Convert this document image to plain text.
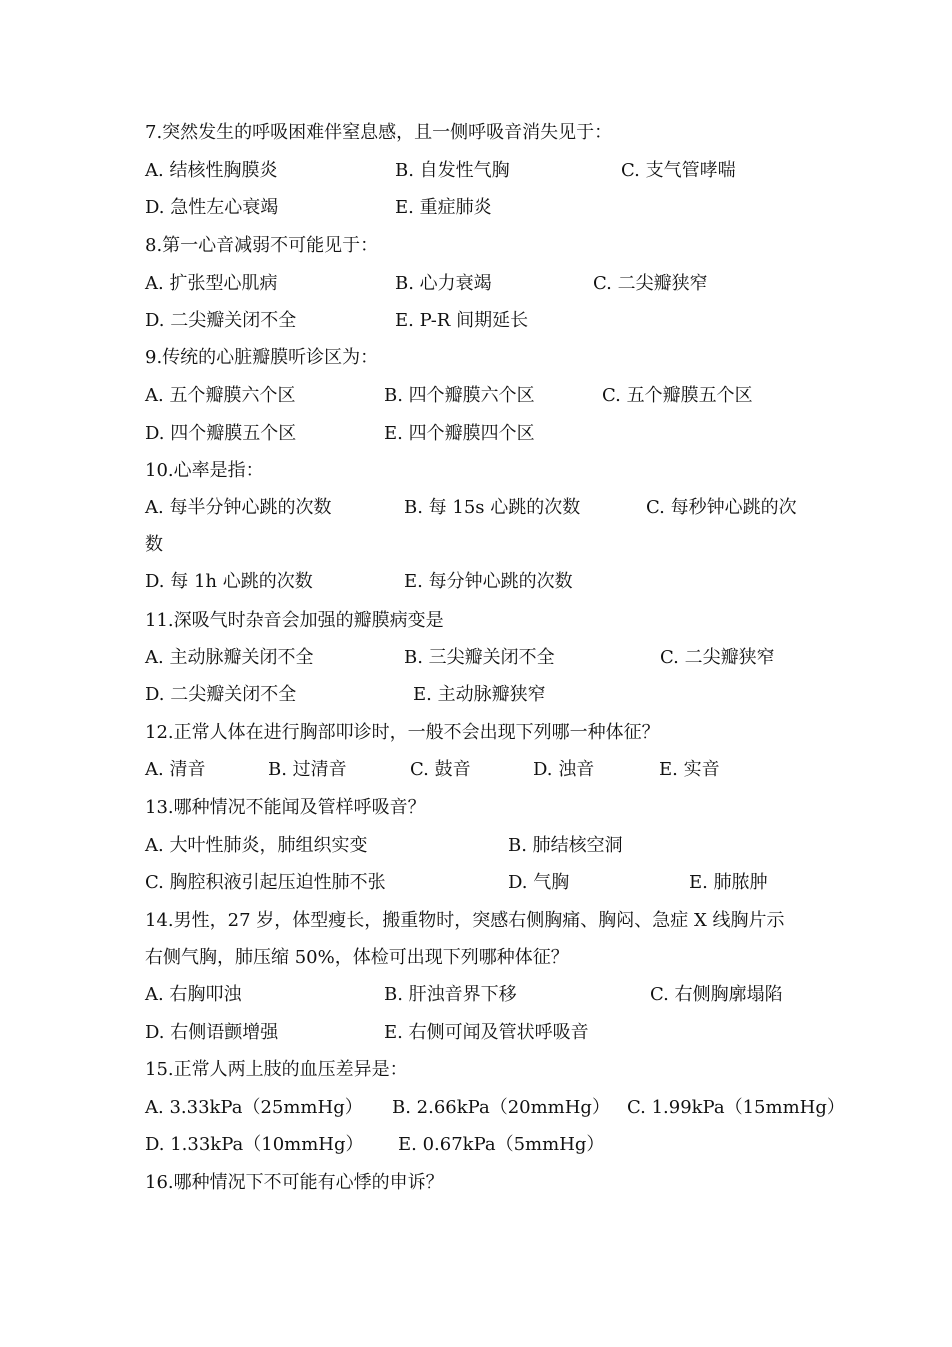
7.突然发生的呼吸困难伴窒息感，且一侧呼吸音消失见于：
A. 结核性胸膜炎	B. 自发性气胸	C. 支气管哮喘
D. 急性左心衰竭	E. 重症肺炎
8.第一心音减弱不可能见于：
A. 扩张型心肌病	B. 心力衰竭	C. 二尖瓣狭窄
D. 二尖瓣关闭不全	E. P-R 间期延长
9.传统的心脏瓣膜听诊区为：
A. 五个瓣膜六个区	B. 四个瓣膜六个区	C. 五个瓣膜五个区
D. 四个瓣膜五个区	E. 四个瓣膜四个区
10.心率是指：
A. 每半分钟心跳的次数	B. 每 15s 心跳的次数	C. 每秒钟心跳的次
数
D. 每 1h 心跳的次数	E. 每分钟心跳的次数
11.深吸气时杂音会加强的瓣膜病变是
A. 主动脉瓣关闭不全	B. 三尖瓣关闭不全	C. 二尖瓣狭窄
D. 二尖瓣关闭不全	E. 主动脉瓣狭窄
12.正常人体在进行胸部叩诊时，一般不会出现下列哪一种体征？
A. 清音	B. 过清音	C. 鼓音	D. 浊音	E. 实音
13.哪种情况不能闻及管样呼吸音？
A. 大叶性肺炎，肺组织实变	B. 肺结核空洞
C. 胸腔积液引起压迫性肺不张	D. 气胸	E. 肺脓肿
14.男性，27 岁，体型瘦长，搬重物时，突感右侧胸痛、胸闷、急症 X 线胸片示
右侧气胸，肺压缩 50%，体检可出现下列哪种体征？
A. 右胸叩浊	B. 肝浊音界下移	C. 右侧胸廓塌陷
D. 右侧语颤增强	E. 右侧可闻及管状呼吸音
15.正常人两上肢的血压差异是：
A. 3.33kPa（25mmHg） B. 2.66kPa（20mmHg） C. 1.99kPa（15mmHg）
D. 1.33kPa（10mmHg） E. 0.67kPa（5mmHg）
16.哪种情况下不可能有心悸的申诉？
